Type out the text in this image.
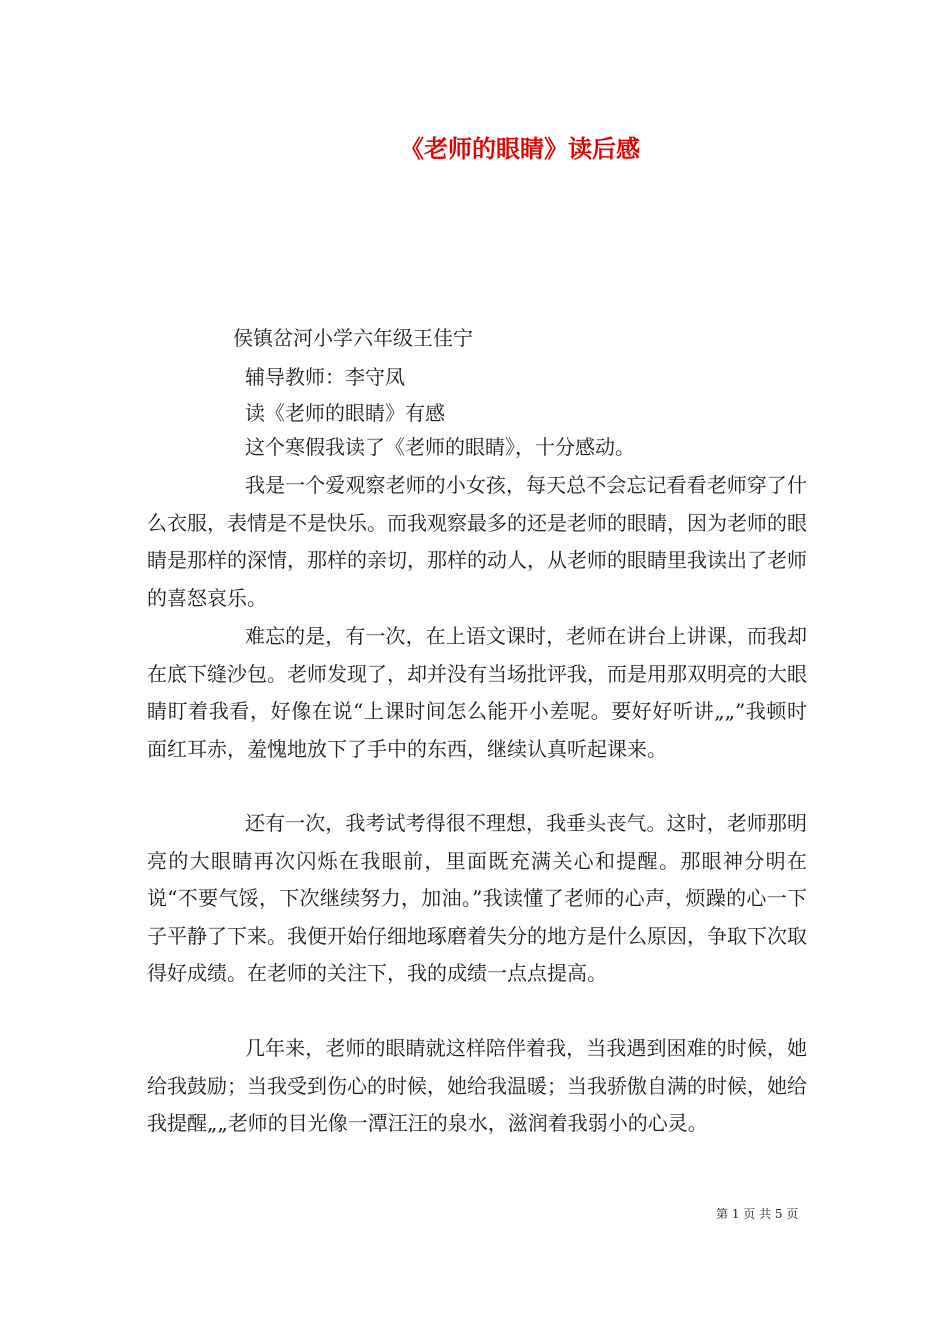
《老师的眼睛》读后感
侯镇岔河小学六年级王佳宁
辅导教师：李守凤
读《老师的眼睛》有感
这个寒假我读了《老师的眼睛》，十分感动。

我是一个爱观察老师的小女孩，每天总不会忘记看看老师穿了什么衣服，表情是不是快乐。而我观察最多的还是老师的眼睛，因为老师的眼睛是那样的深情，那样的亲切，那样的动人，从老师的眼睛里我读出了老师的喜怒哀乐。

难忘的是，有一次，在上语文课时，老师在讲台上讲课，而我却在底下缝沙包。老师发现了，却并没有当场批评我，而是用那双明亮的大眼睛盯着我看，好像在说“上课时间怎么能开小差呢。要好好听讲„„”我顿时面红耳赤，羞愧地放下了手中的东西，继续认真听起课来。

还有一次，我考试考得很不理想，我垂头丧气。这时，老师那明亮的大眼睛再次闪烁在我眼前，里面既充满关心和提醒。那眼神分明在说“不要气馁，下次继续努力，加油。”我读懂了老师的心声，烦躁的心一下子平静了下来。我便开始仔细地琢磨着失分的地方是什么原因，争取下次取得好成绩。在老师的关注下，我的成绩一点点提高。

几年来，老师的眼睛就这样陪伴着我，当我遇到困难的时候，她给我鼓励；当我受到伤心的时候，她给我温暖；当我骄傲自满的时候，她给我提醒„„老师的目光像一潭汪汪的泉水，滋润着我弱小的心灵。

第 1 页 共 5 页
